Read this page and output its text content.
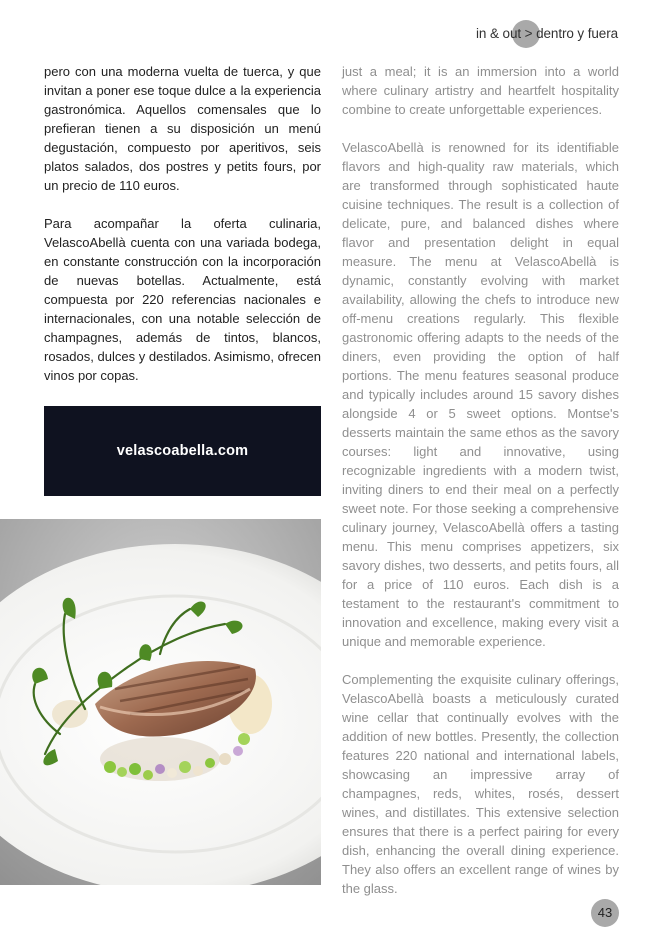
in & out > dentro y fuera

pero con una moderna vuelta de tuerca, y que invitan a poner ese toque dulce a la experiencia gastronómica. Aquellos comensales que lo prefieran tienen a su disposición un menú degustación, compuesto por aperitivos, seis platos salados, dos postres y petits fours, por un precio de 110 euros.

Para acompañar la oferta culinaria, VelascoAbellà cuenta con una variada bodega, en constante construcción con la incorporación de nuevas botellas. Actualmente, está compuesta por 220 referencias nacionales e internacionales, con una notable selección de champagnes, además de tintos, blancos, rosados, dulces y destilados. Asimismo, ofrecen vinos por copas.

velascoabella.com

just a meal; it is an immersion into a world where culinary artistry and heartfelt hospitality combine to create unforgettable experiences.

VelascoAbellà is renowned for its identifiable flavors and high-quality raw materials, which are transformed through sophisticated haute cuisine techniques. The result is a collection of delicate, pure, and balanced dishes where flavor and presentation delight in equal measure. The menu at VelascoAbellà is dynamic, constantly evolving with market availability, allowing the chefs to introduce new off-menu creations regularly. This flexible gastronomic offering adapts to the needs of the diners, even providing the option of half portions. The menu features seasonal produce and typically includes around 15 savory dishes alongside 4 or 5 sweet options. Montse's desserts maintain the same ethos as the savory courses: light and innovative, using recognizable ingredients with a modern twist, inviting diners to end their meal on a perfectly sweet note. For those seeking a comprehensive culinary journey, VelascoAbellà offers a tasting menu. This menu comprises appetizers, six savory dishes, two desserts, and petits fours, all for a price of 110 euros. Each dish is a testament to the restaurant's commitment to innovation and excellence, making every visit a unique and memorable experience.

Complementing the exquisite culinary offerings, VelascoAbellà boasts a meticulously curated wine cellar that continually evolves with the addition of new bottles. Presently, the collection features 220 national and international labels, showcasing an impressive array of champagnes, reds, whites, rosés, dessert wines, and distillates. This extensive selection ensures that there is a perfect pairing for every dish, enhancing the overall dining experience. They also offers an excellent range of wines by the glass.

43
